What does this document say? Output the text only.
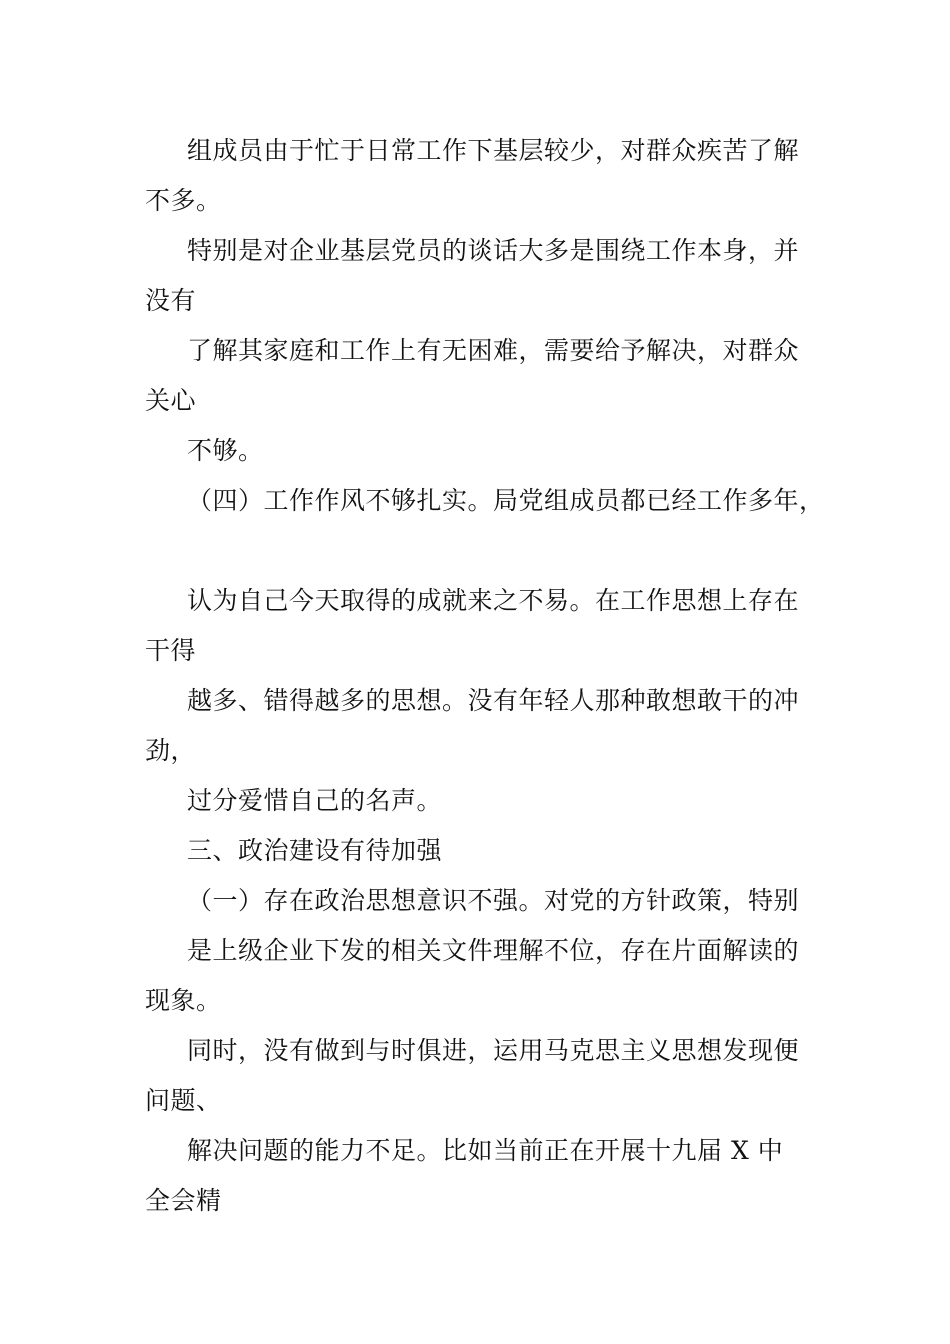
组成员由于忙于日常工作下基层较少，对群众疾苦了解
不多。
特别是对企业基层党员的谈话大多是围绕工作本身，并
没有
了解其家庭和工作上有无困难，需要给予解决，对群众
关心
不够。
（四）工作作风不够扎实。局党组成员都已经工作多年，
认为自己今天取得的成就来之不易。在工作思想上存在
干得
越多、错得越多的思想。没有年轻人那种敢想敢干的冲
劲，
过分爱惜自己的名声。
三、政治建设有待加强
（一）存在政治思想意识不强。对党的方针政策，特别
是上级企业下发的相关文件理解不位，存在片面解读的
现象。
同时，没有做到与时俱进，运用马克思主义思想发现便
问题、
解决问题的能力不足。比如当前正在开展十九届 X 中
全会精
